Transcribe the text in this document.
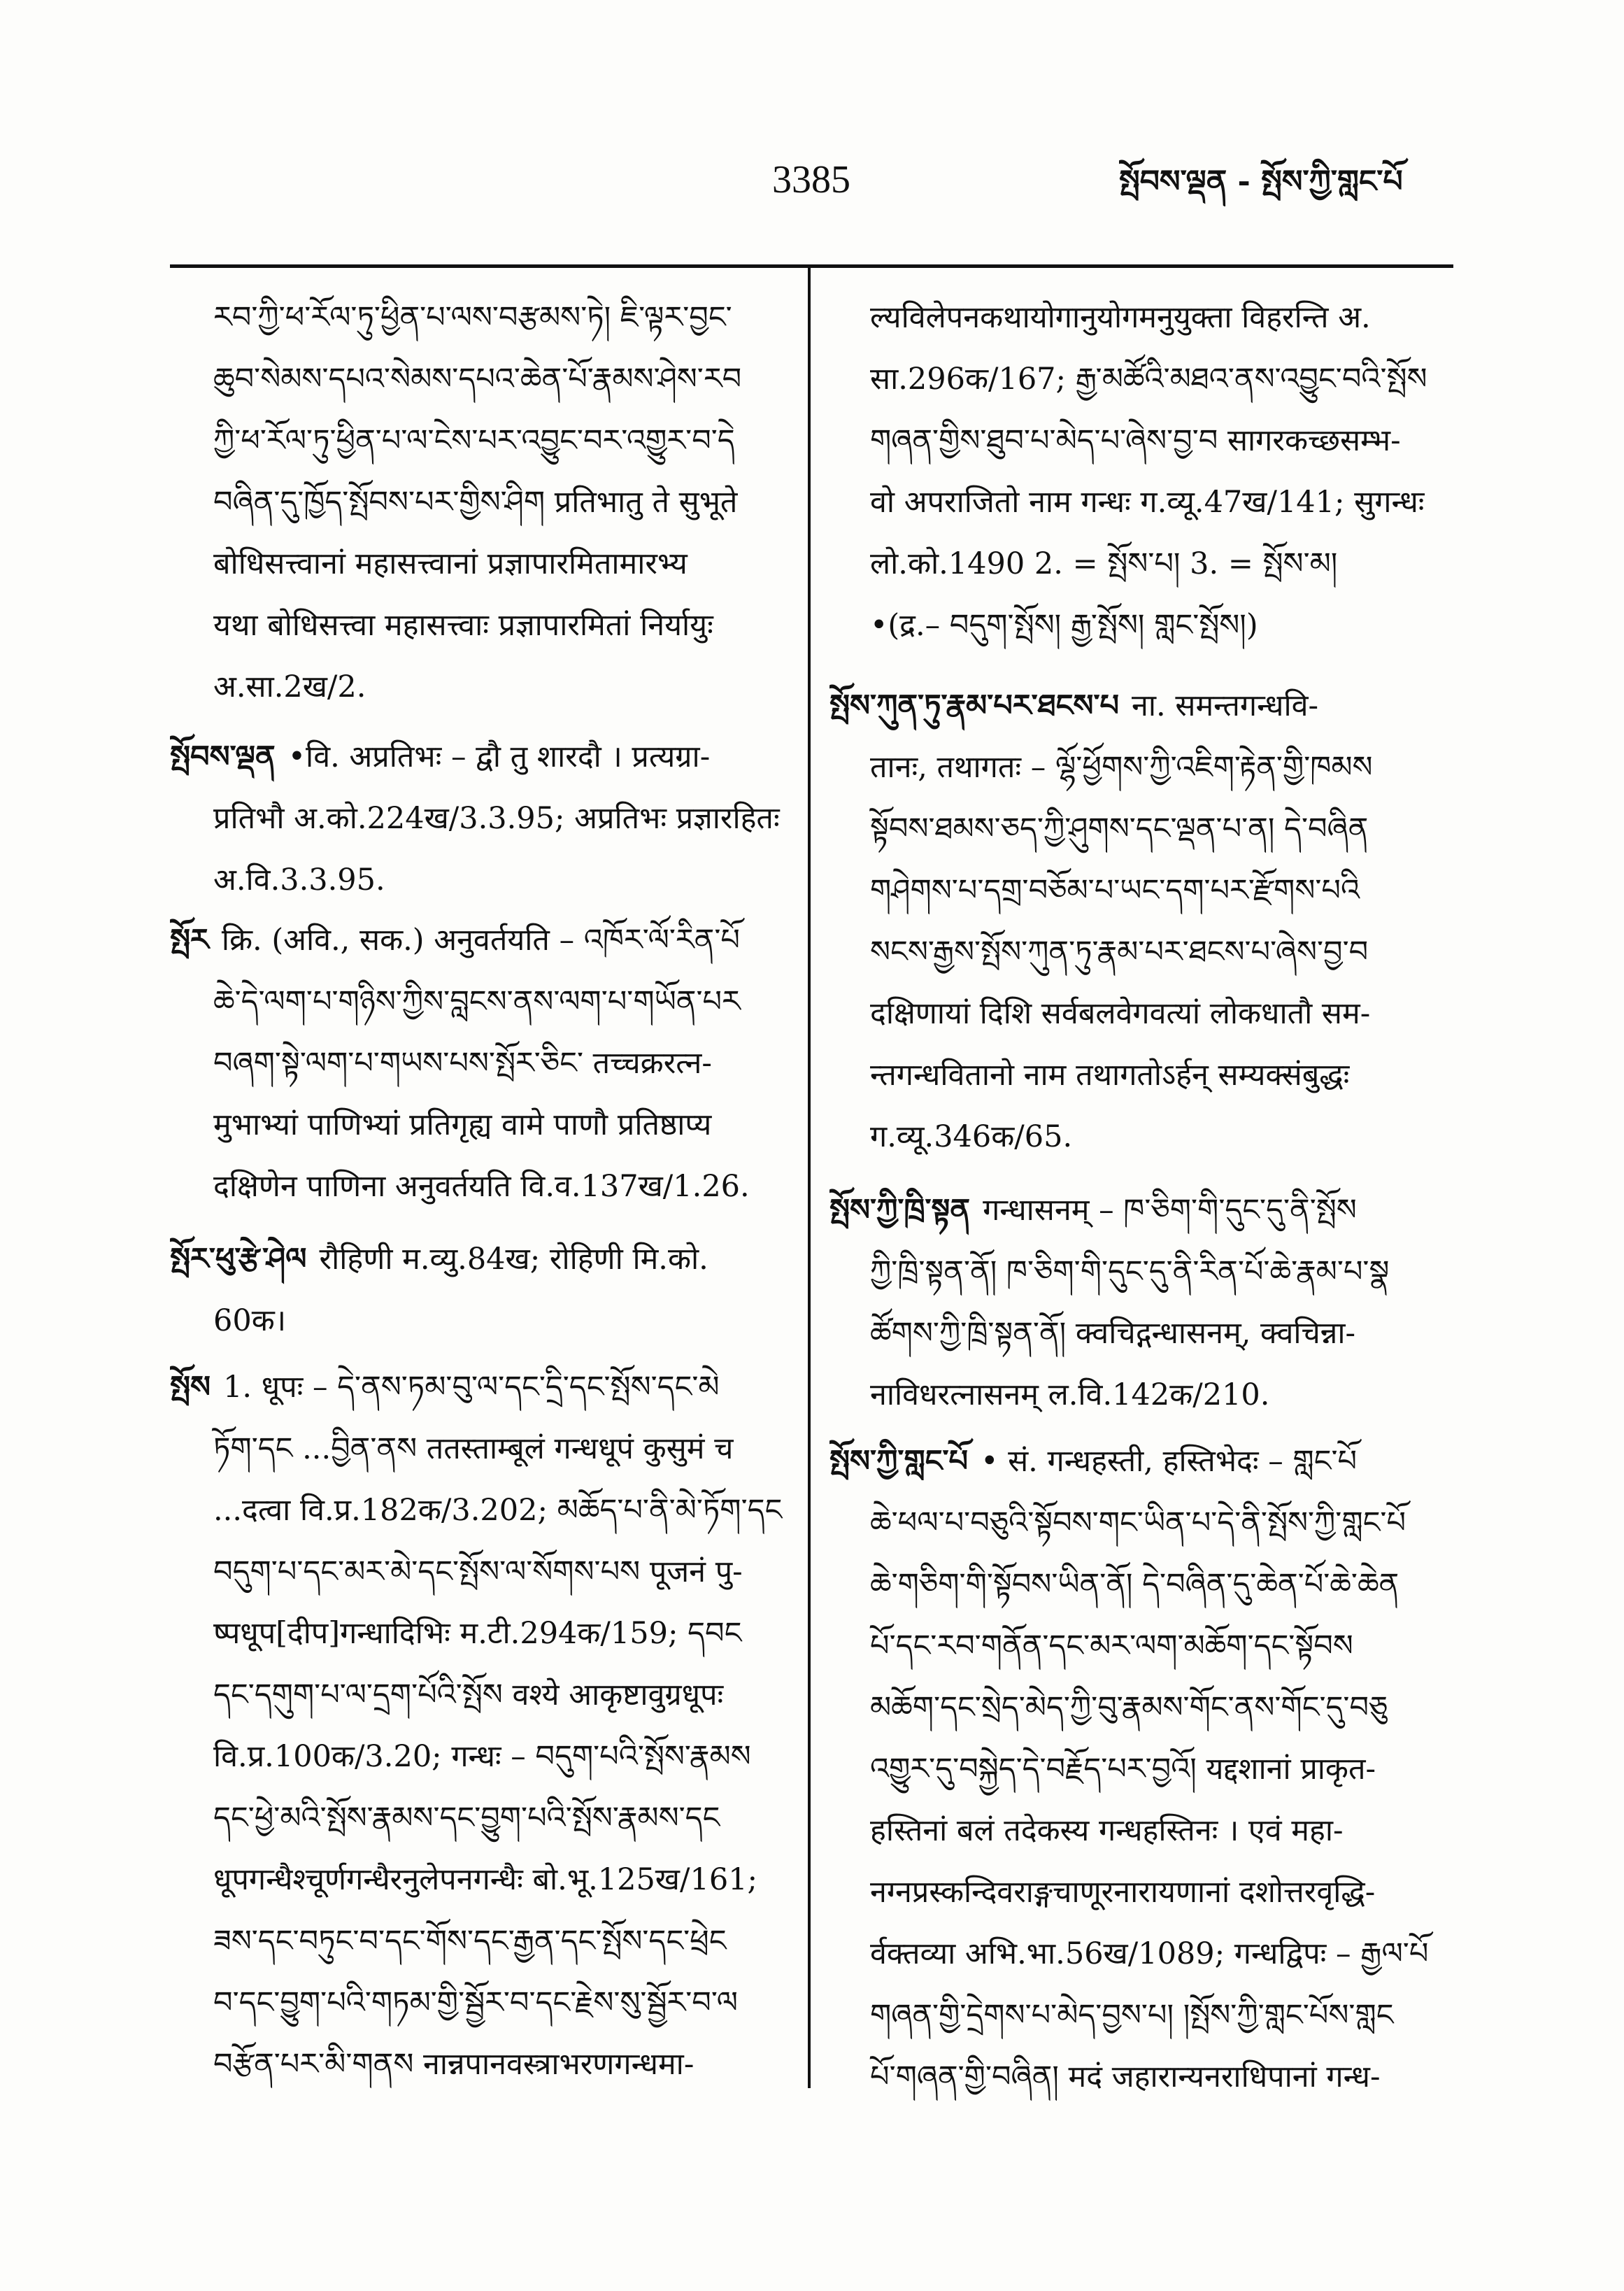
3385	སྤོབས་ལྡན - སྤོས་ཀྱི་གླང་པོ
རབ་ཀྱི་ཕ་རོལ་ཏུ་ཕྱིན་པ་ལས་བརྩམས་ཏེ། ཇི་ལྟར་བྱང་
ཆུབ་སེམས་དཔའ་སེམས་དཔའ་ཆེན་པོ་རྣམས་ཤེས་རབ
ཀྱི་ཕ་རོལ་ཏུ་ཕྱིན་པ་ལ་ངེས་པར་འབྱུང་བར་འགྱུར་བ་དེ
བཞིན་དུ་ཁྱོད་སྤོབས་པར་གྱིས་ཤིག प्रतिभातु ते सुभूते
बोधिसत्त्वानां महासत्त्वानां प्रज्ञापारमितामारभ्य
यथा बोधिसत्त्वा महासत्त्वाः प्रज्ञापारमितां निर्यायुः
अ.सा.2ख/2.
སྤོབས་ལྡན •वि. अप्रतिभः – द्वौ तु शारदौ । प्रत्यग्रा-
प्रतिभौ अ.को.224ख/3.3.95; अप्रतिभः प्रज्ञारहितः
अ.वि.3.3.95.
སྤོར क्रि. (अवि., सक.) अनुवर्तयति – འཁོར་ལོ་རིན་པོ
ཆེ་དེ་ལག་པ་གཉིས་ཀྱིས་བླངས་ནས་ལག་པ་གཡོན་པར
བཞག་སྟེ་ལག་པ་གཡས་པས་སྤོར་ཅིང་ तच्चक्ररत्न-
मुभाभ्यां पाणिभ्यां प्रतिगृह्य वामे पाणौ प्रतिष्ठाप्य
दक्षिणेन पाणिना अनुवर्तयति वि.व.137ख/1.26.
སྤོར་ཕུ་རྩེ་ཤེལ रौहिणी म.व्यु.84ख; रोहिणी मि.को.
60क।
སྤོས 1. धूपः – དེ་ནས་ཏམ་བུ་ལ་དང་དྲི་དང་སྤོས་དང་མེ
ཏོག་དང ...བྱིན་ནས ततस्ताम्बूलं गन्धधूपं कुसुमं च
...दत्वा वि.प्र.182क/3.202; མཆོད་པ་ནི་མེ་ཏོག་དང
བདུག་པ་དང་མར་མེ་དང་སྤོས་ལ་སོགས་པས पूजनं पु-
ष्पधूप[दीप]गन्धादिभिः म.टी.294क/159; དབང
དང་དགུག་པ་ལ་དྲག་པོའི་སྤོས वश्ये आकृष्टावुग्रधूपः
वि.प्र.100क/3.20; गन्धः – བདུག་པའི་སྤོས་རྣམས
དང་ཕྱེ་མའི་སྤོས་རྣམས་དང་བྱུག་པའི་སྤོས་རྣམས་དང
धूपगन्धैश्चूर्णगन्धैरनुलेपनगन्धैः बो.भू.125ख/161;
ཟས་དང་བཏུང་བ་དང་གོས་དང་རྒྱན་དང་སྤོས་དང་ཕྲེང
བ་དང་བྱུག་པའི་གཏམ་གྱི་སྦྱོར་བ་དང་རྗེས་སུ་སྦྱོར་བ་ལ
བརྩོན་པར་མི་གནས नान्नपानवस्त्राभरणगन्धमा-
ल्यविलेपनकथायोगानुयोगमनुयुक्ता विहरन्ति अ.
सा.296क/167; རྒྱ་མཚོའི་མཐའ་ནས་འབྱུང་བའི་སྤོས
གཞན་གྱིས་ཐུབ་པ་མེད་པ་ཞེས་བྱ་བ सागरकच्छसम्भ-
वो अपराजितो नाम गन्धः ग.व्यू.47ख/141; सुगन्धः
लो.को.1490 2. = སྤོས་པ། 3. = སྤོས་མ།
•(द्र.– བདུག་སྤོས། རྒྱ་སྤོས། གླང་སྤོས།)
སྤོས་ཀུན་ཏུ་རྣམ་པར་ཐངས་པ ना. समन्तगन्धवि-
तानः, तथागतः – ལྷོ་ཕྱོགས་ཀྱི་འཇིག་རྟེན་གྱི་ཁམས
སྟོབས་ཐམས་ཅད་ཀྱི་ཤུགས་དང་ལྡན་པ་ན། དེ་བཞིན
གཤེགས་པ་དགྲ་བཅོམ་པ་ཡང་དག་པར་རྫོགས་པའི
སངས་རྒྱས་སྤོས་ཀུན་ཏུ་རྣམ་པར་ཐངས་པ་ཞེས་བྱ་བ
दक्षिणायां दिशि सर्वबलवेगवत्यां लोकधातौ सम-
न्तगन्धवितानो नाम तथागतोऽर्हन् सम्यक्संबुद्धः
ग.व्यू.346क/65.
སྤོས་ཀྱི་ཁྲི་སྟན गन्धासनम् – ཁ་ཅིག་གི་དུང་དུ་ནི་སྤོས
ཀྱི་ཁྲི་སྟན་ནོ། ཁ་ཅིག་གི་དུང་དུ་ནི་རིན་པོ་ཆེ་རྣམ་པ་སྣ
ཚོགས་ཀྱི་ཁྲི་སྟན་ནོ། क्वचिद्गन्धासनम्, क्वचिन्ना-
नाविधरत्नासनम् ल.वि.142क/210.
སྤོས་ཀྱི་གླང་པོ • सं. गन्धहस्ती, हस्तिभेदः – གླང་པོ
ཆེ་ཕལ་པ་བཅུའི་སྟོབས་གང་ཡིན་པ་དེ་ནི་སྤོས་ཀྱི་གླང་པོ
ཆེ་གཅིག་གི་སྟོབས་ཡིན་ནོ། དེ་བཞིན་དུ་ཆེན་པོ་ཆེ་ཆེན
པོ་དང་རབ་གནོན་དང་མར་ལག་མཆོག་དང་སྟོབས
མཆོག་དང་སྲེད་མེད་ཀྱི་བུ་རྣམས་གོང་ནས་གོང་དུ་བཅུ
འགྱུར་དུ་བསྐྱེད་དེ་བརྗོད་པར་བྱའོ། यद्दशानां प्राकृत-
हस्तिनां बलं तदेकस्य गन्धहस्तिनः । एवं महा-
नग्नप्रस्कन्दिवराङ्गचाणूरनारायणानां दशोत्तरवृद्धि-
र्वक्तव्या अभि.भा.56ख/1089; गन्धद्विपः – རྒྱལ་པོ
གཞན་གྱི་དྲེགས་པ་མེད་བྱས་པ། །སྤོས་ཀྱི་གླང་པོས་གླང
པོ་གཞན་གྱི་བཞིན། मदं जहारान्यनराधिपानां गन्ध-
